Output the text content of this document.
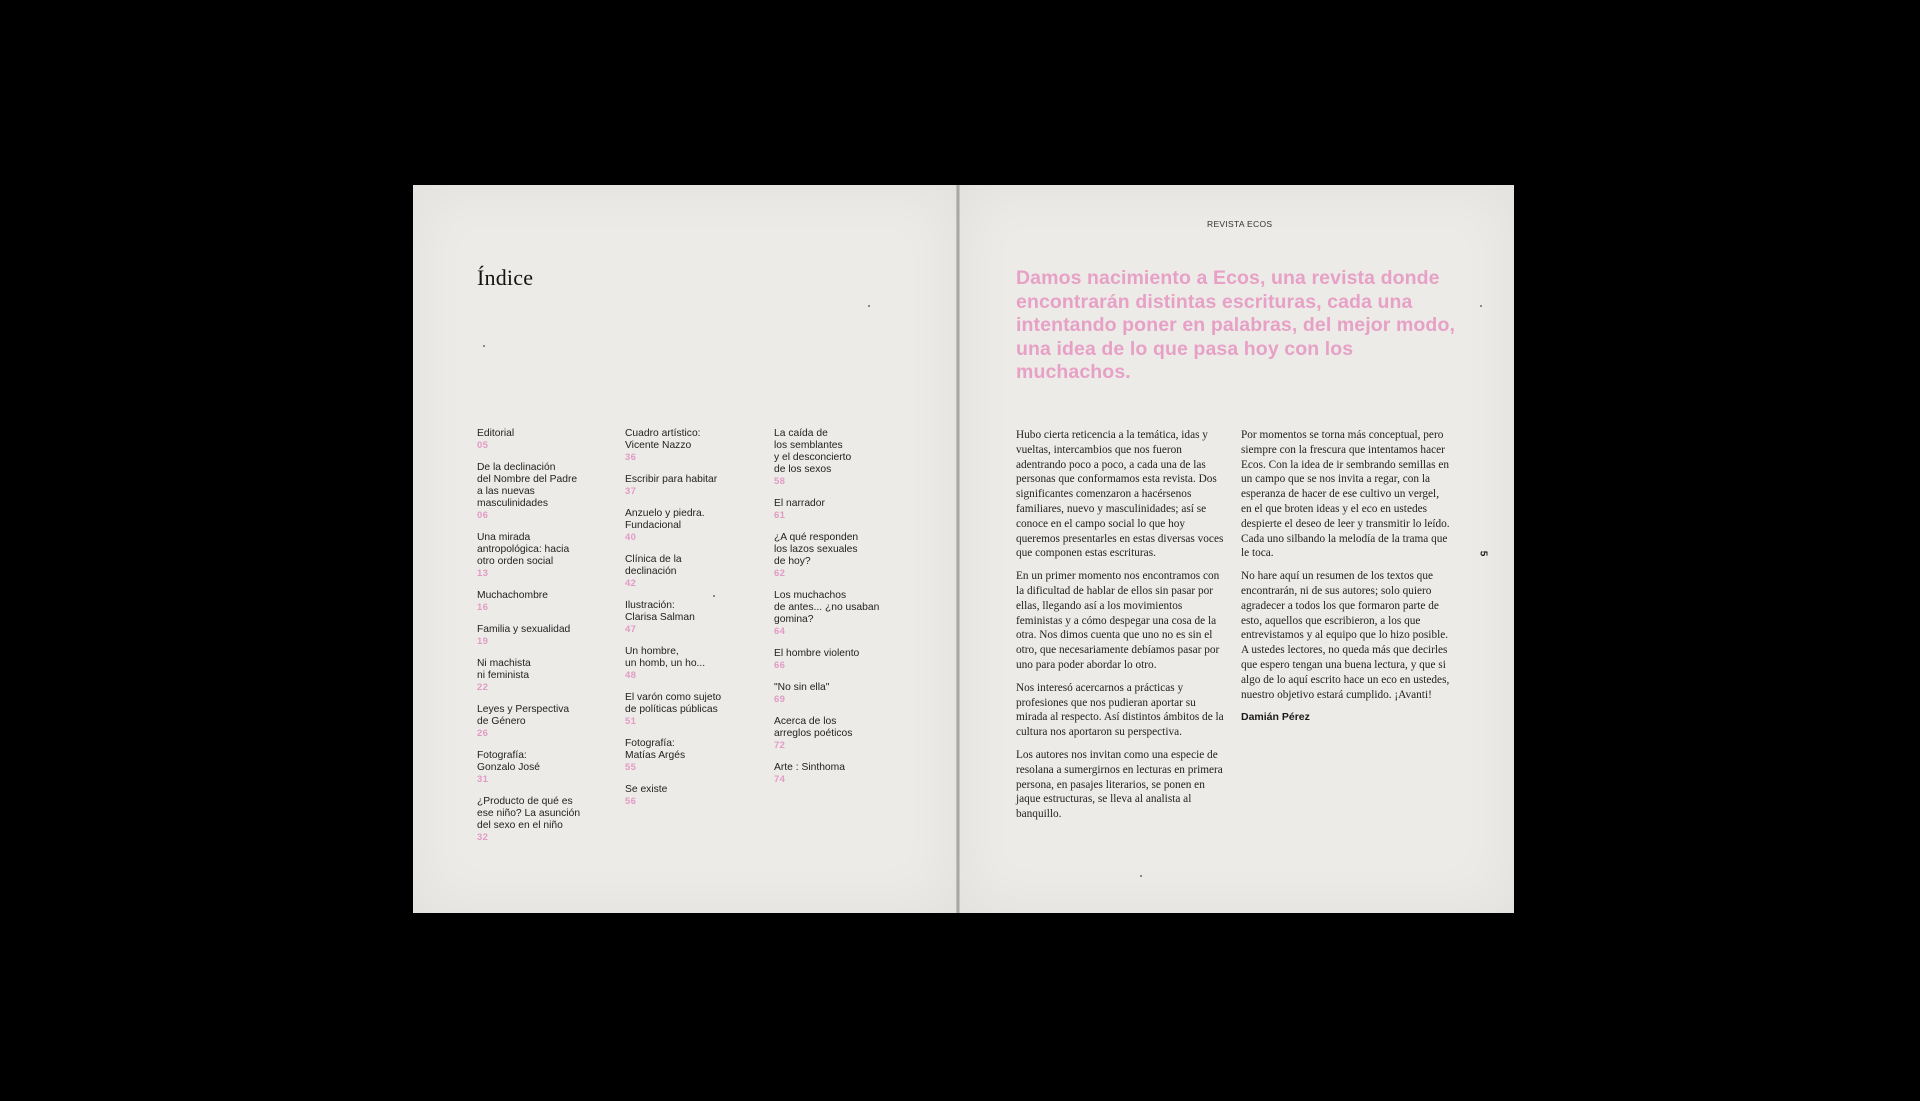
Índice
Editorial
05
De la declinación
del Nombre del Padre
a las nuevas
masculinidades
06
Una mirada
antropológica: hacia
otro orden social
13
Muchachombre
16
Familia y sexualidad
19
Ni machista
ni feminista
22
Leyes y Perspectiva
de Género
26
Fotografía:
Gonzalo José
31
¿Producto de qué es
ese niño? La asunción
del sexo en el niño
32
Cuadro artístico:
Vicente Nazzo
36
Escribir para habitar
37
Anzuelo y piedra.
Fundacional
40
Clínica de la
declinación
42
Ilustración:
Clarisa Salman
47
Un hombre,
un homb, un ho...
48
El varón como sujeto
de políticas públicas
51
Fotografía:
Matías Argés
55
Se existe
56
La caída de
los semblantes
y el desconcierto
de los sexos
58
El narrador
61
¿A qué responden
los lazos sexuales
de hoy?
62
Los muchachos
de antes... ¿no usaban
gomina?
64
El hombre violento
66
"No sin ella"
69
Acerca de los
arreglos poéticos
72
Arte : Sinthoma
74
REVISTA ECOS

Damos nacimiento a Ecos, una revista donde encontrarán distintas escrituras, cada una intentando poner en palabras, del mejor modo, una idea de lo que pasa hoy con los muchachos.

Hubo cierta reticencia a la temática, idas y vueltas, intercambios que nos fueron adentrando poco a poco, a cada una de las personas que conformamos esta revista. Dos significantes comenzaron a hacérsenos familiares, nuevo y masculinidades; así se conoce en el campo social lo que hoy queremos presentarles en estas diversas voces que componen estas escrituras.

En un primer momento nos encontramos con la dificultad de hablar de ellos sin pasar por ellas, llegando así a los movimientos feministas y a cómo despegar una cosa de la otra. Nos dimos cuenta que uno no es sin el otro, que necesariamente debíamos pasar por uno para poder abordar lo otro.

Nos interesó acercarnos a prácticas y profesiones que nos pudieran aportar su mirada al respecto. Así distintos ámbitos de la cultura nos aportaron su perspectiva.

Los autores nos invitan como una especie de resolana a sumergirnos en lecturas en primera persona, en pasajes literarios, se ponen en jaque estructuras, se lleva al analista al banquillo.

Por momentos se torna más conceptual, pero siempre con la frescura que intentamos hacer Ecos. Con la idea de ir sembrando semillas en un campo que se nos invita a regar, con la esperanza de hacer de ese cultivo un vergel, en el que broten ideas y el eco en ustedes despierte el deseo de leer y transmitir lo leído. Cada uno silbando la melodía de la trama que le toca.

No hare aquí un resumen de los textos que encontrarán, ni de sus autores; solo quiero agradecer a todos los que formaron parte de esto, aquellos que escribieron, a los que entrevistamos y al equipo que lo hizo posible. A ustedes lectores, no queda más que decirles que espero tengan una buena lectura, y que si algo de lo aquí escrito hace un eco en ustedes, nuestro objetivo estará cumplido. ¡Avanti!

Damián Pérez

5
